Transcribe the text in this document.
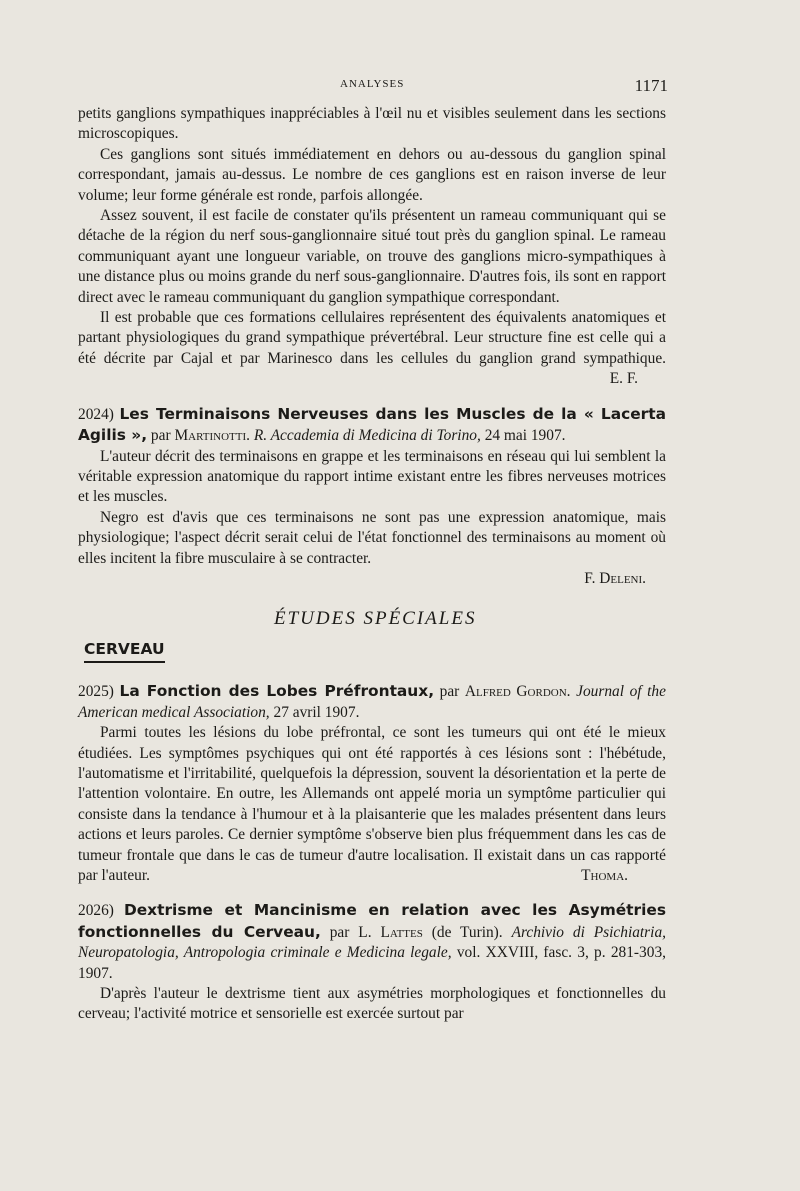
ANALYSES	1171

petits ganglions sympathiques inappréciables à l'œil nu et visibles seulement dans les sections microscopiques.

Ces ganglions sont situés immédiatement en dehors ou au-dessous du ganglion spinal correspondant, jamais au-dessus. Le nombre de ces ganglions est en raison inverse de leur volume; leur forme générale est ronde, parfois allongée.

Assez souvent, il est facile de constater qu'ils présentent un rameau communiquant qui se détache de la région du nerf sous-ganglionnaire situé tout près du ganglion spinal. Le rameau communiquant ayant une longueur variable, on trouve des ganglions micro-sympathiques à une distance plus ou moins grande du nerf sous-ganglionnaire. D'autres fois, ils sont en rapport direct avec le rameau communiquant du ganglion sympathique correspondant.

Il est probable que ces formations cellulaires représentent des équivalents anatomiques et partant physiologiques du grand sympathique prévertébral. Leur structure fine est celle qui a été décrite par Cajal et par Marinesco dans les cellules du ganglion grand sympathique.
E. F.

2024) Les Terminaisons Nerveuses dans les Muscles de la « Lacerta Agilis », par Martinotti. R. Accademia di Medicina di Torino, 24 mai 1907.

L'auteur décrit des terminaisons en grappe et les terminaisons en réseau qui lui semblent la véritable expression anatomique du rapport intime existant entre les fibres nerveuses motrices et les muscles.

Negro est d'avis que ces terminaisons ne sont pas une expression anatomique, mais physiologique; l'aspect décrit serait celui de l'état fonctionnel des terminaisons au moment où elles incitent la fibre musculaire à se contracter.

F. Deleni.

ÉTUDES SPÉCIALES
CERVEAU

2025) La Fonction des Lobes Préfrontaux, par Alfred Gordon. Journal of the American medical Association, 27 avril 1907.

Parmi toutes les lésions du lobe préfrontal, ce sont les tumeurs qui ont été le mieux étudiées. Les symptômes psychiques qui ont été rapportés à ces lésions sont : l'hébétude, l'automatisme et l'irritabilité, quelquefois la dépression, souvent la désorientation et la perte de l'attention volontaire. En outre, les Allemands ont appelé moria un symptôme particulier qui consiste dans la tendance à l'humour et à la plaisanterie que les malades présentent dans leurs actions et leurs paroles. Ce dernier symptôme s'observe bien plus fréquemment dans les cas de tumeur frontale que dans le cas de tumeur d'autre localisation. Il existait dans un cas rapporté par l'auteur.	Thoma.

2026) Dextrisme et Mancinisme en relation avec les Asymétries fonctionnelles du Cerveau, par L. Lattes (de Turin). Archivio di Psichiatria, Neuropatologia, Antropologia criminale e Medicina legale, vol. XXVIII, fasc. 3, p. 281-303, 1907.

D'après l'auteur le dextrisme tient aux asymétries morphologiques et fonctionnelles du cerveau; l'activité motrice et sensorielle est exercée surtout par
